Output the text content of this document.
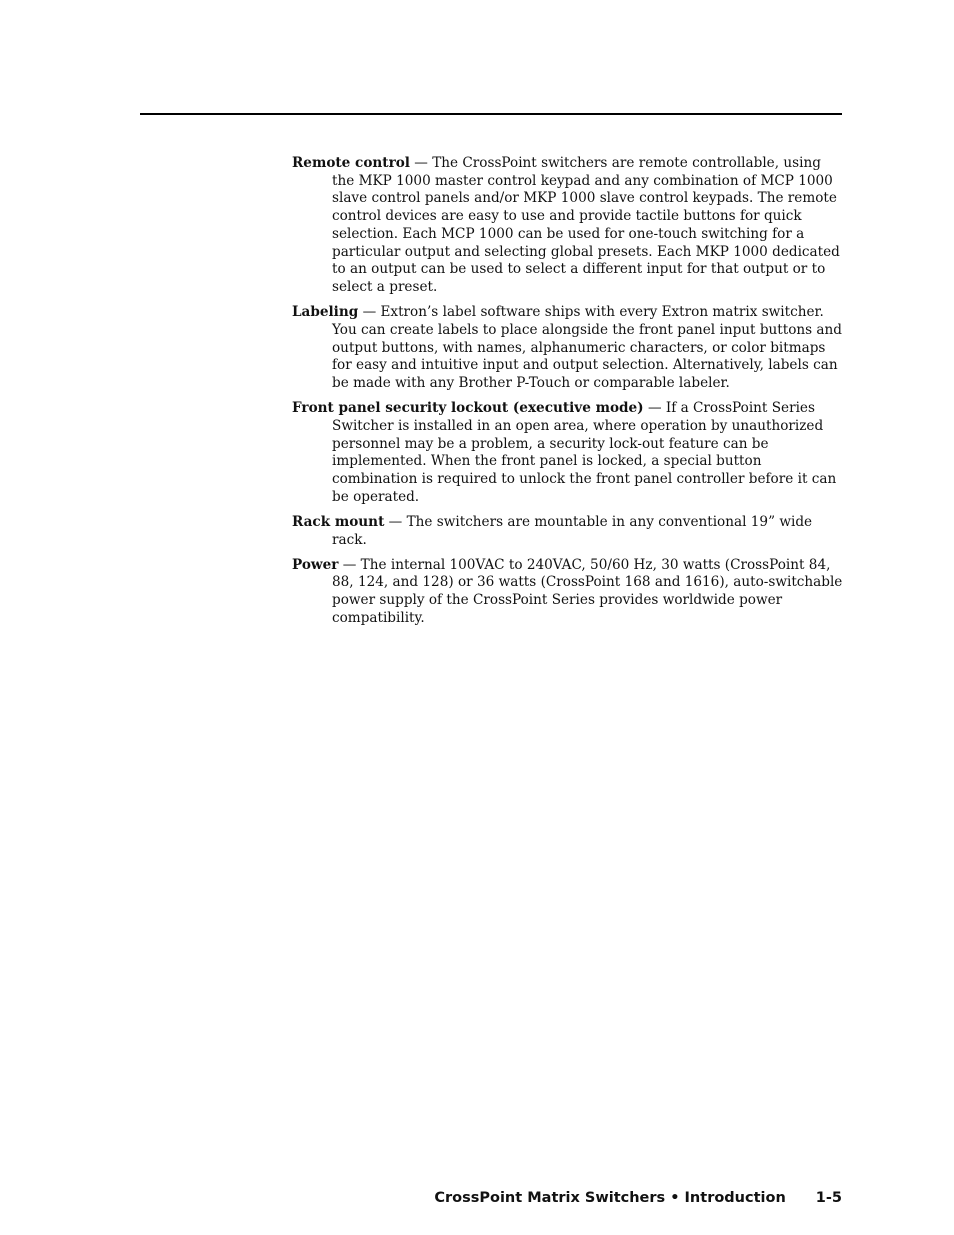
Remote control — The CrossPoint switchers are remote controllable, using the MKP 1000 master control keypad and any combination of MCP 1000 slave control panels and/or MKP 1000 slave control keypads. The remote control devices are easy to use and provide tactile buttons for quick selection. Each MCP 1000 can be used for one-touch switching for a particular output and selecting global presets. Each MKP 1000 dedicated to an output can be used to select a different input for that output or to select a preset.

Labeling — Extron’s label software ships with every Extron matrix switcher. You can create labels to place alongside the front panel input buttons and output buttons, with names, alphanumeric characters, or color bitmaps for easy and intuitive input and output selection. Alternatively, labels can be made with any Brother P-Touch or comparable labeler.

Front panel security lockout (executive mode) — If a CrossPoint Series Switcher is installed in an open area, where operation by unauthorized personnel may be a problem, a security lock-out feature can be implemented. When the front panel is locked, a special button combination is required to unlock the front panel controller before it can be operated.

Rack mount — The switchers are mountable in any conventional 19” wide rack.

Power — The internal 100VAC to 240VAC, 50/60 Hz, 30 watts (CrossPoint 84, 88, 124, and 128) or 36 watts (CrossPoint 168 and 1616), auto-switchable power supply of the CrossPoint Series provides worldwide power compatibility.

CrossPoint Matrix Switchers • Introduction 1-5
